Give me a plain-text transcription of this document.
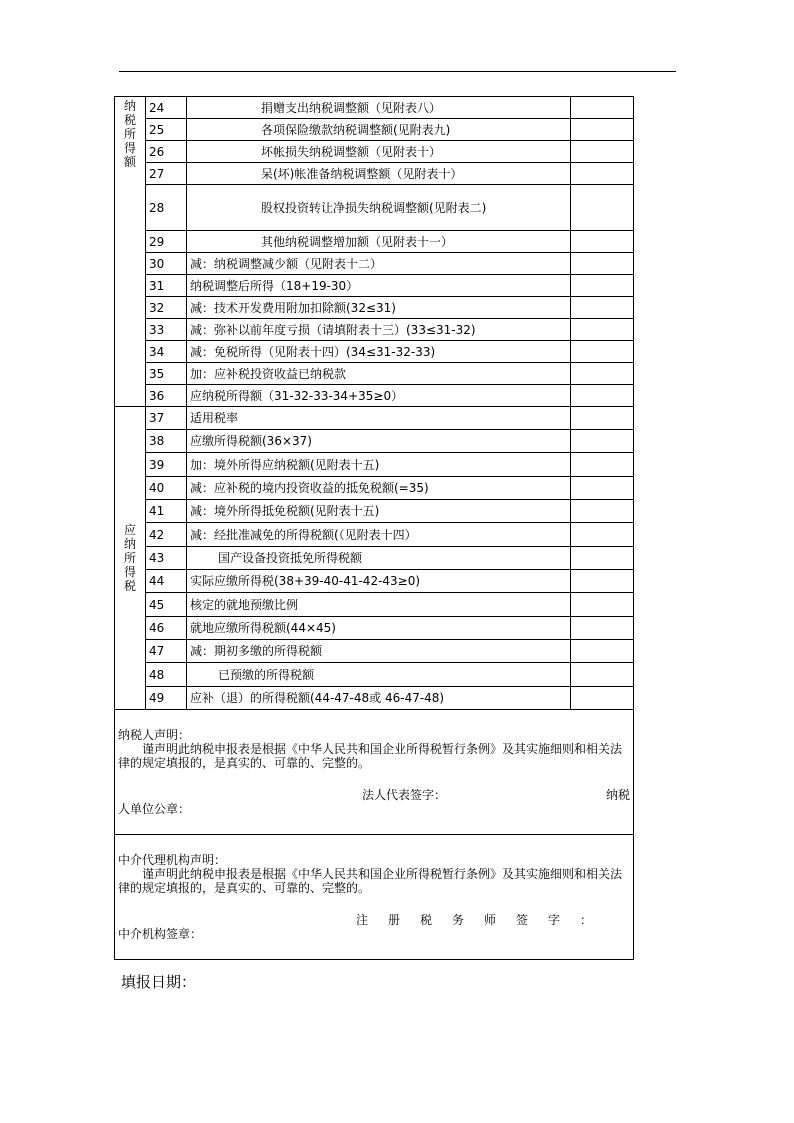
纳税所得额	24	捐赠支出纳税调整额（见附表八）	
	25	各项保险缴款纳税调整额(见附表九)	
	26	坏帐损失纳税调整额（见附表十）	
	27	呆(坏)帐准备纳税调整额（见附表十）	
	28	股权投资转让净损失纳税调整额(见附表二)	
	29	其他纳税调整增加额（见附表十一）	
	30	减：纳税调整减少额（见附表十二）	
	31	纳税调整后所得（18+19-30）	
	32	减：技术开发费用附加扣除额(32≤31)	
	33	减：弥补以前年度亏损（请填附表十三）(33≤31-32)	
	34	减：免税所得（见附表十四）(34≤31-32-33)	
	35	加：应补税投资收益已纳税款	
	36	应纳税所得额（31-32-33-34+35≥0）	

应纳所得税	37	适用税率	
	38	应缴所得税额(36×37)	
	39	加：境外所得应纳税额(见附表十五)	
	40	减：应补税的境内投资收益的抵免税额(=35)	
	41	减：境外所得抵免税额(见附表十五)	
	42	减：经批准减免的所得税额(（见附表十四）	
	43	国产设备投资抵免所得税额	
	44	实际应缴所得税(38+39-40-41-42-43≥0)	
	45	核定的就地预缴比例	
	46	就地应缴所得税额(44×45)	
	47	减：期初多缴的所得税额	
	48	已预缴的所得税额	
	49	应补（退）的所得税额(44-47-48或 46-47-48)	

纳税人声明：
谨声明此纳税申报表是根据《中华人民共和国企业所得税暂行条例》及其实施细则和相关法律的规定填报的，是真实的、可靠的、完整的。
法人代表签字： 纳税
人单位公章：			

中介代理机构声明：
谨声明此纳税申报表是根据《中华人民共和国企业所得税暂行条例》及其实施细则和相关法律的规定填报的，是真实的、可靠的、完整的。
注册税务师签字：
中介机构签章：			
填报日期：
